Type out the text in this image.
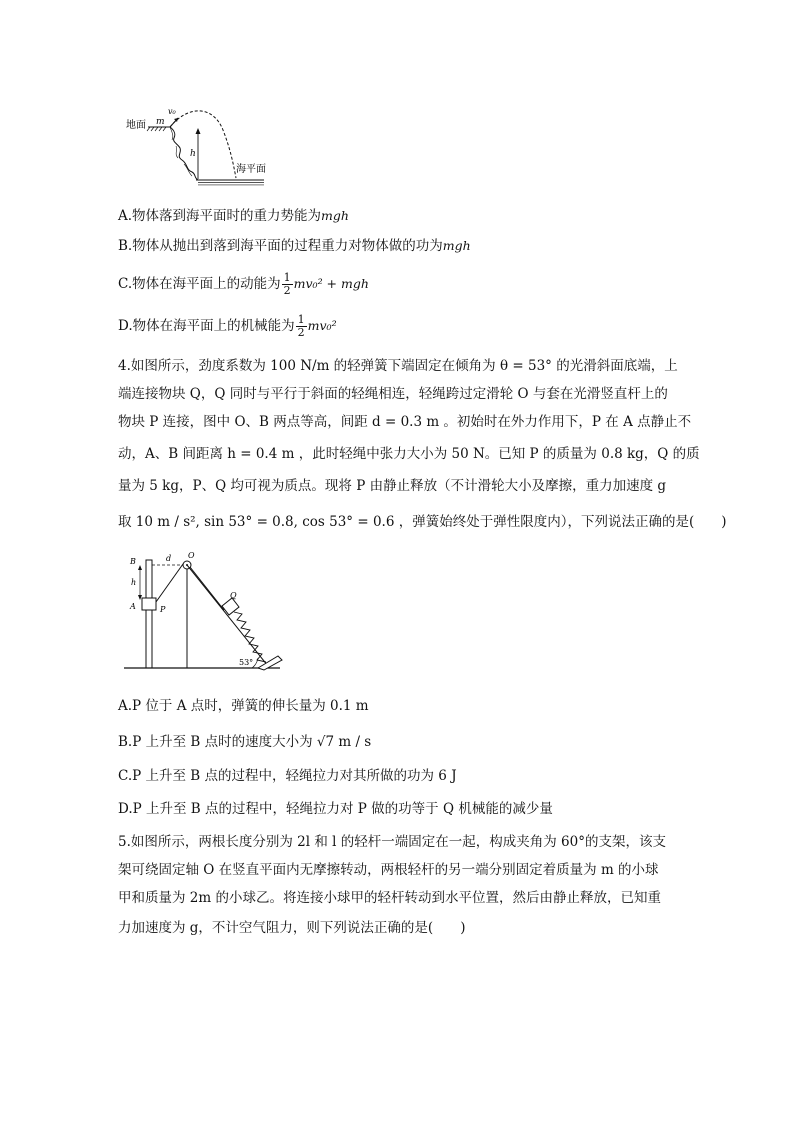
地面 m
v₀
h
海平面
A.物体落到海平面时的重力势能为mgh
B.物体从抛出到落到海平面的过程重力对物体做的功为mgh
C.物体在海平面上的动能为 $\frac{1}{2} mv_0^2$ + mgh
D.物体在海平面上的机械能为 $\frac{1}{2} mv_0^2$
4.如图所示，劲度系数为 100 N/m 的轻弹簧下端固定在倾角为 θ = 53° 的光滑斜面底端，上
端连接物块 Q，Q 同时与平行于斜面的轻绳相连，轻绳跨过定滑轮 O 与套在光滑竖直杆上的
物块 P 连接，图中 O、B 两点等高，间距 d = 0.3 m 。初始时在外力作用下，P 在 A 点静止不
动，A、B 间距离 h = 0.4 m ，此时轻绳中张力大小为 50 N。已知 P 的质量为 0.8 kg，Q 的质
量为 5 kg，P、Q 均可视为质点。现将 P 由静止释放（不计滑轮大小及摩擦，重力加速度 g
取 10 m / s², sin 53° = 0.8, cos 53° = 0.6 ，弹簧始终处于弹性限度内），下列说法正确的是(　　)
B
h
A
d O
P
Q
53°
A.P 位于 A 点时，弹簧的伸长量为 0.1 m
B.P 上升至 B 点时的速度大小为 √7 m / s
C.P 上升至 B 点的过程中，轻绳拉力对其所做的功为 6 J
D.P 上升至 B 点的过程中，轻绳拉力对 P 做的功等于 Q 机械能的减少量
5.如图所示，两根长度分别为 2l 和 l 的轻杆一端固定在一起，构成夹角为 60°的支架，该支
架可绕固定轴 O 在竖直平面内无摩擦转动，两根轻杆的另一端分别固定着质量为 m 的小球
甲和质量为 2m 的小球乙。将连接小球甲的轻杆转动到水平位置，然后由静止释放，已知重
力加速度为 g，不计空气阻力，则下列说法正确的是(　　)
